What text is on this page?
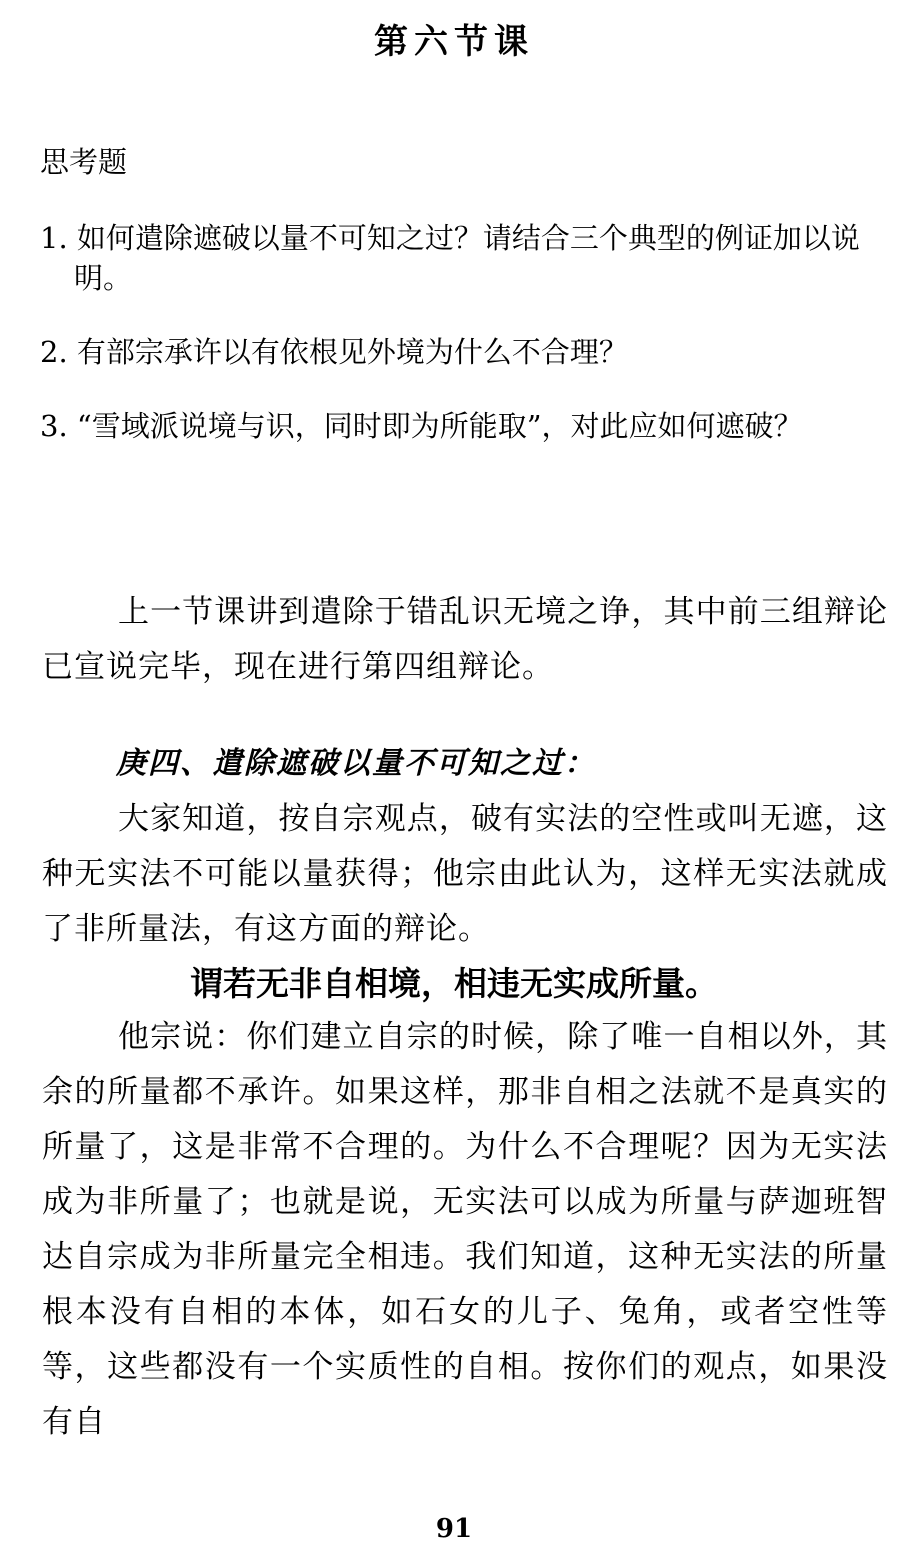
第六节课
思考题
1. 如何遣除遮破以量不可知之过？请结合三个典型的例证加以说明。
2. 有部宗承许以有依根见外境为什么不合理？
3. “雪域派说境与识，同时即为所能取”，对此应如何遮破？
上一节课讲到遣除于错乱识无境之诤，其中前三组辩论已宣说完毕，现在进行第四组辩论。
庚四、遣除遮破以量不可知之过：
大家知道，按自宗观点，破有实法的空性或叫无遮，这种无实法不可能以量获得；他宗由此认为，这样无实法就成了非所量法，有这方面的辩论。
谓若无非自相境，相违无实成所量。
他宗说：你们建立自宗的时候，除了唯一自相以外，其余的所量都不承许。如果这样，那非自相之法就不是真实的所量了，这是非常不合理的。为什么不合理呢？因为无实法成为非所量了；也就是说，无实法可以成为所量与萨迦班智达自宗成为非所量完全相违。我们知道，这种无实法的所量根本没有自相的本体，如石女的儿子、兔角，或者空性等等，这些都没有一个实质性的自相。按你们的观点，如果没有自
91
